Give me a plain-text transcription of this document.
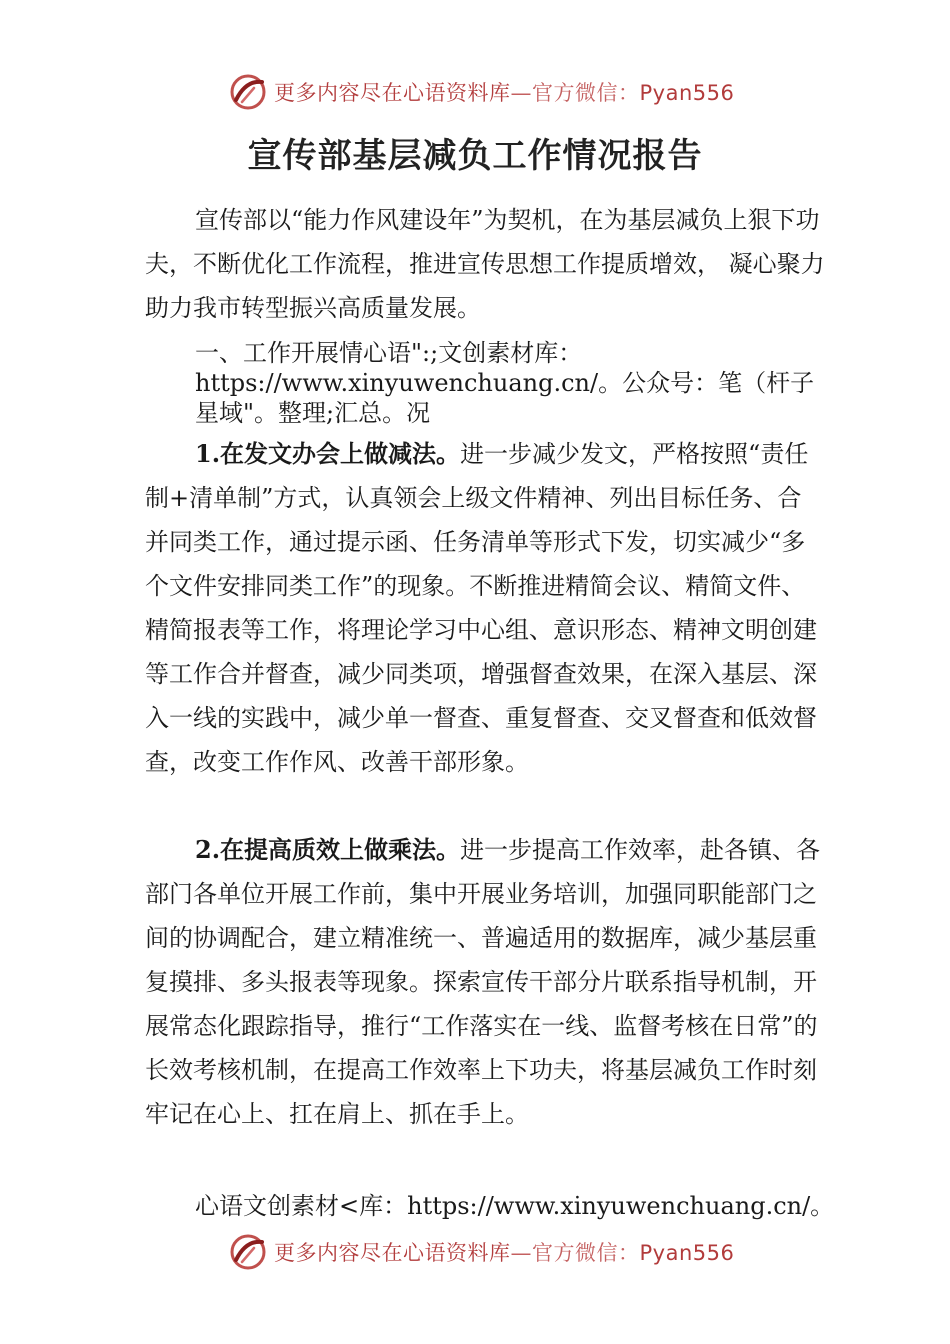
更多内容尽在心语资料库—官方微信：Pyan556
宣传部基层减负工作情况报告
宣传部以“能力作风建设年”为契机，在为基层减负上狠下功夫，不断优化工作流程，推进宣传思想工作提质增效， 凝心聚力助力我市转型振兴高质量发展。
一、工作开展情心语":;文创素材库：https://www.xinyuwenchuang.cn/。公众号：笔（杆子星域"。整理;汇总。况
1.在发文办会上做减法。进一步减少发文，严格按照“责任制+清单制”方式，认真领会上级文件精神、列出目标任务、合并同类工作，通过提示函、任务清单等形式下发，切实减少“多个文件安排同类工作”的现象。不断推进精简会议、精简文件、精简报表等工作，将理论学习中心组、意识形态、精神文明创建等工作合并督查，减少同类项，增强督查效果，在深入基层、深入一线的实践中，减少单一督查、重复督查、交叉督查和低效督查，改变工作作风、改善干部形象。
2.在提高质效上做乘法。进一步提高工作效率，赴各镇、各部门各单位开展工作前，集中开展业务培训，加强同职能部门之间的协调配合，建立精准统一、普遍适用的数据库，减少基层重复摸排、多头报表等现象。探索宣传干部分片联系指导机制，开展常态化跟踪指导，推行“工作落实在一线、监督考核在日常”的长效考核机制，在提高工作效率上下功夫，将基层减负工作时刻牢记在心上、扛在肩上、抓在手上。
心语文创素材<库：https://www.xinyuwenchuang.cn/。
更多内容尽在心语资料库—官方微信：Pyan556
